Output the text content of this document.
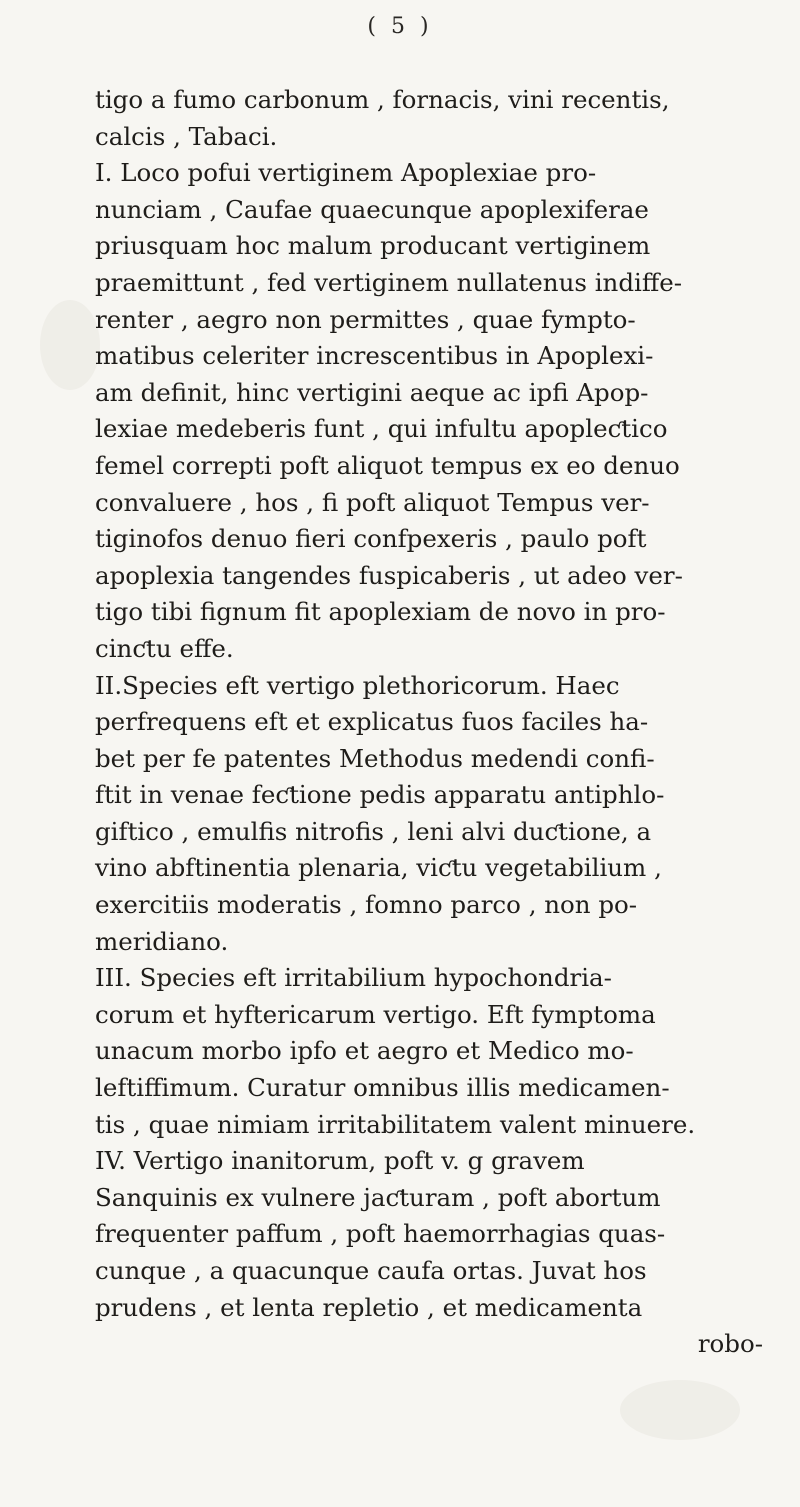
( 5 )
tigo a fumo carbonum , fornacis, vini recentis,
calcis , Tabaci.
I. Loco pofui vertiginem Apoplexiae pro-
nunciam , Caufae quaecunque apoplexiferae
priusquam hoc malum producant vertiginem
praemittunt , fed vertiginem nullatenus indiffe-
renter , aegro non permittes , quae fympto-
matibus celeriter increscentibus in Apoplexi-
am definit, hinc vertigini aeque ac ipfi Apop-
lexiae medeberis funt , qui infultu apopleƈtico
femel correpti poft aliquot tempus ex eo denuo
convaluere , hos , fi poft aliquot Tempus ver-
tiginofos denuo fieri confpexeris , paulo poft
apoplexia tangendes fuspicaberis , ut adeo ver-
tigo tibi fignum fit apoplexiam de novo in pro-
cinƈtu effe.
II.Species eft vertigo plethoricorum. Haec
perfrequens eft et explicatus fuos faciles ha-
bet per fe patentes Methodus medendi confi-
ftit in venae feƈtione pedis apparatu antiphlo-
giftico , emulfis nitrofis , leni alvi duƈtione, a
vino abftinentia plenaria, viƈtu vegetabilium ,
exercitiis moderatis , fomno parco , non po-
meridiano.
III. Species eft irritabilium hypochondria-
corum et hyftericarum vertigo. Eft fymptoma
unacum morbo ipfo et aegro et Medico mo-
leftiffimum. Curatur omnibus illis medicamen-
tis , quae nimiam irritabilitatem valent minuere.
IV. Vertigo inanitorum, poft v. g gravem
Sanquinis ex vulnere jaƈturam , poft abortum
frequenter paffum , poft haemorrhagias quas-
cunque , a quacunque caufa ortas. Juvat hos
prudens , et lenta repletio , et medicamenta
robo-
